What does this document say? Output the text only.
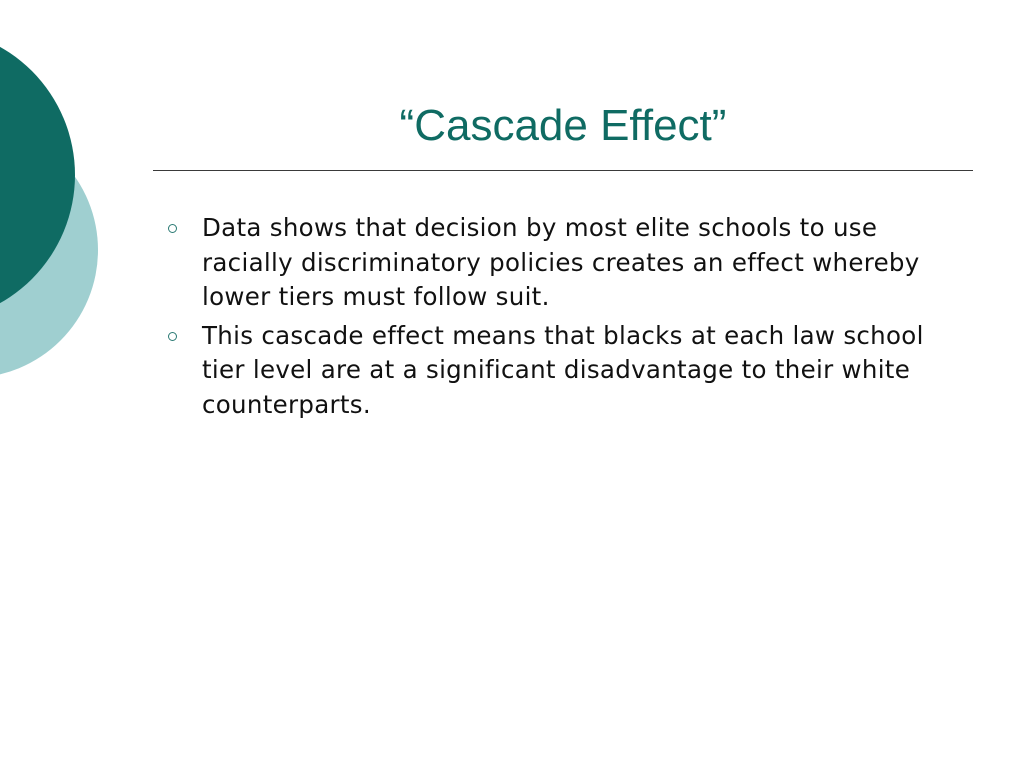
“Cascade Effect”
Data shows that decision by most elite schools to use racially discriminatory policies creates an effect whereby lower tiers must follow suit.
This cascade effect means that blacks at each law school tier level are at a significant disadvantage to their white counterparts.
